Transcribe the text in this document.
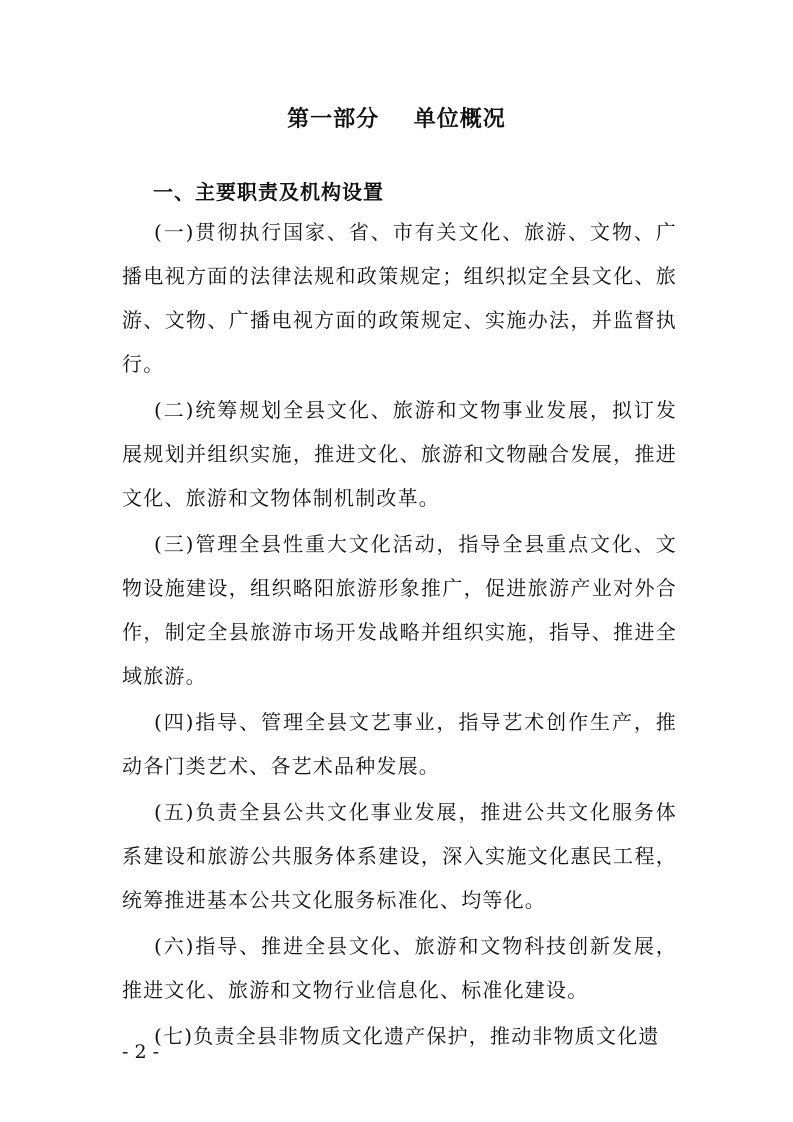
第一部分    单位概况
一、主要职责及机构设置

(一)贯彻执行国家、省、市有关文化、旅游、文物、广播电视方面的法律法规和政策规定；组织拟定全县文化、旅游、文物、广播电视方面的政策规定、实施办法，并监督执行。

(二)统筹规划全县文化、旅游和文物事业发展，拟订发展规划并组织实施，推进文化、旅游和文物融合发展，推进文化、旅游和文物体制机制改革。

(三)管理全县性重大文化活动，指导全县重点文化、文物设施建设，组织略阳旅游形象推广，促进旅游产业对外合作，制定全县旅游市场开发战略并组织实施，指导、推进全域旅游。

(四)指导、管理全县文艺事业，指导艺术创作生产，推动各门类艺术、各艺术品种发展。

(五)负责全县公共文化事业发展，推进公共文化服务体系建设和旅游公共服务体系建设，深入实施文化惠民工程，统筹推进基本公共文化服务标准化、均等化。

(六)指导、推进全县文化、旅游和文物科技创新发展，推进文化、旅游和文物行业信息化、标准化建设。

(七)负责全县非物质文化遗产保护，推动非物质文化遗

- 2 -
